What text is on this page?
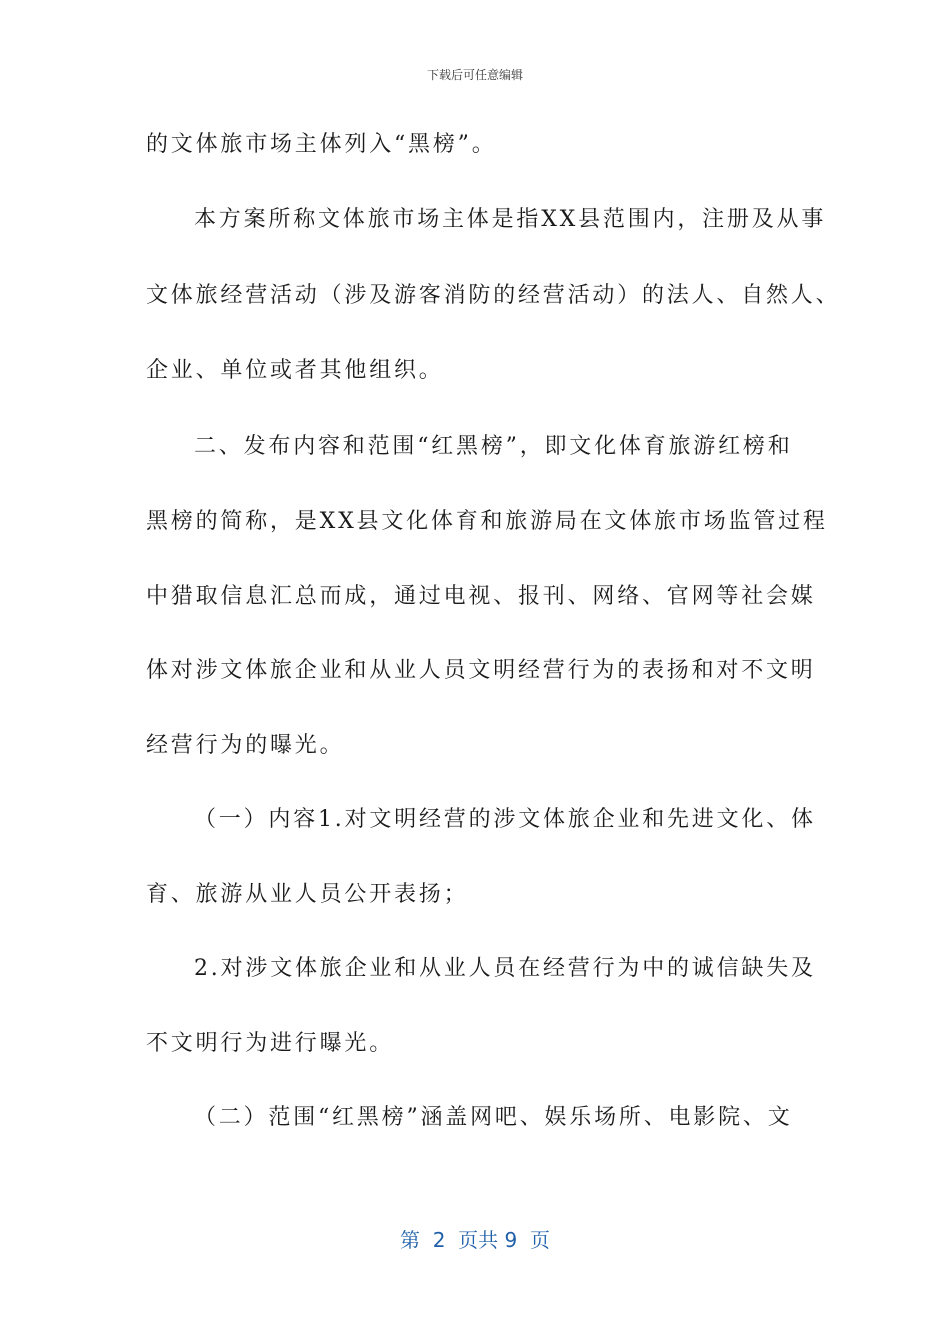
下载后可任意编辑
的文体旅市场主体列入“黑榜”。
本方案所称文体旅市场主体是指XX县范围内，注册及从事
文体旅经营活动（涉及游客消防的经营活动）的法人、自然人、
企业、单位或者其他组织。
二、发布内容和范围“红黑榜”，即文化体育旅游红榜和
黑榜的简称，是XX县文化体育和旅游局在文体旅市场监管过程
中猎取信息汇总而成，通过电视、报刊、网络、官网等社会媒
体对涉文体旅企业和从业人员文明经营行为的表扬和对不文明
经营行为的曝光。
（一）内容1.对文明经营的涉文体旅企业和先进文化、体
育、旅游从业人员公开表扬；
2.对涉文体旅企业和从业人员在经营行为中的诚信缺失及
不文明行为进行曝光。
（二）范围“红黑榜”涵盖网吧、娱乐场所、电影院、文
第  2  页共 9  页
